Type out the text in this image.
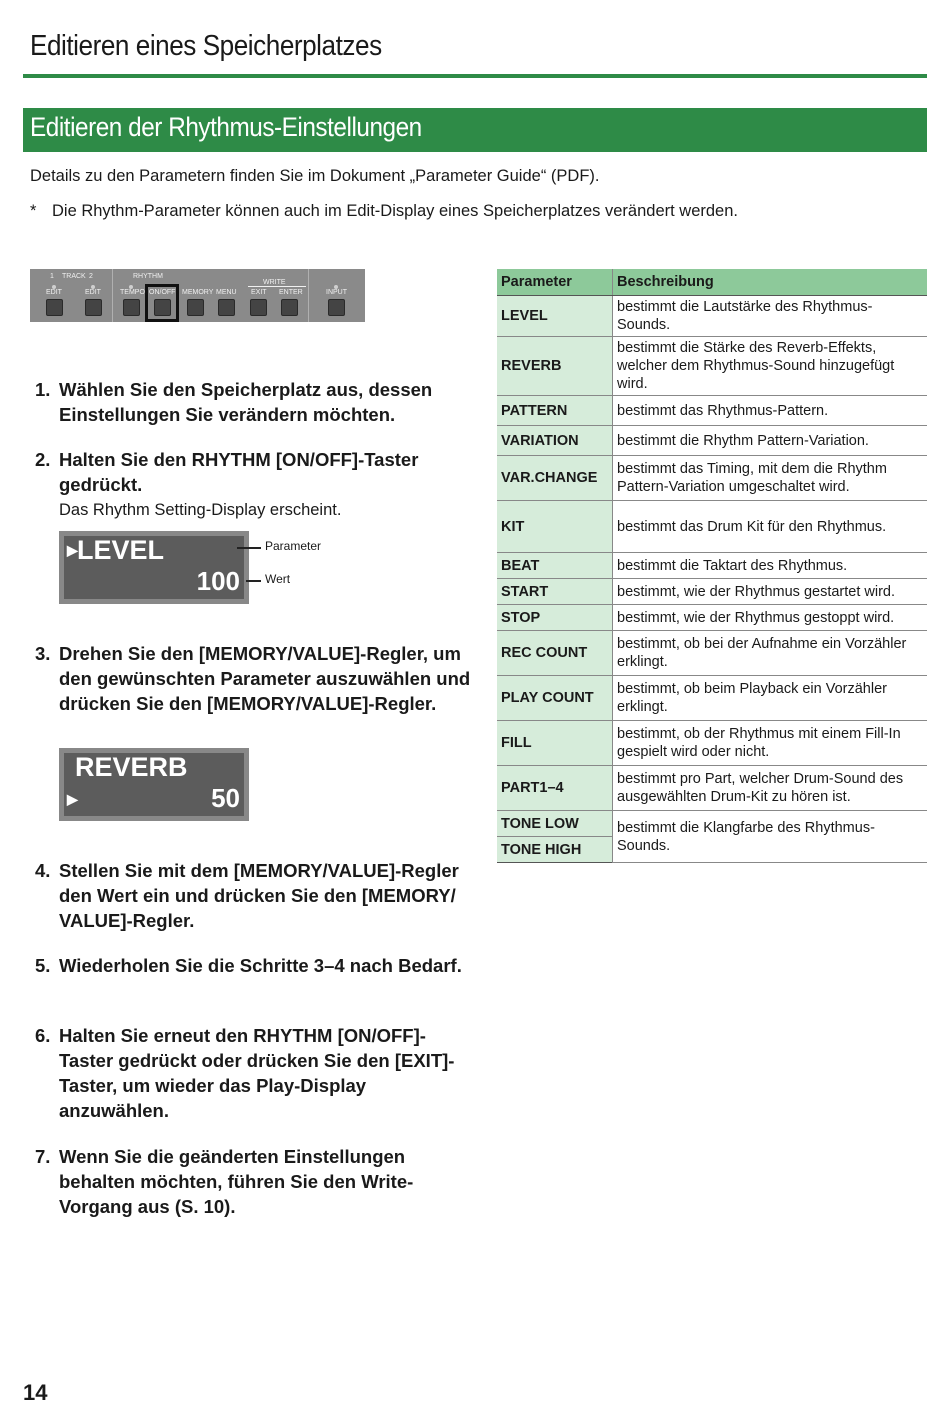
Editieren eines Speicherplatzes
Editieren der Rhythmus-Einstellungen
Details zu den Parametern finden Sie im Dokument „Parameter Guide“ (PDF).
* Die Rhythm-Parameter können auch im Edit-Display eines Speicherplatzes verändert werden.
1 TRACK 2	RHYTHM
WRITE
EDIT	EDIT	TEMPO ON/OFF MEMORY MENU EXIT ENTER	INPUT
1. Wählen Sie den Speicherplatz aus, dessen Einstellungen Sie verändern möchten.
2. Halten Sie den RHYTHM [ON/OFF]-Taster gedrückt.
Das Rhythm Setting-Display erscheint.
▶ LEVEL
100
Parameter
Wert
3. Drehen Sie den [MEMORY/VALUE]-Regler, um den gewünschten Parameter auszuwählen und drücken Sie den [MEMORY/VALUE]-Regler.
REVERB
▶	50
4. Stellen Sie mit dem [MEMORY/VALUE]-Regler den Wert ein und drücken Sie den [MEMORY/ VALUE]-Regler.
5. Wiederholen Sie die Schritte 3–4 nach Bedarf.
6. Halten Sie erneut den RHYTHM [ON/OFF]-Taster gedrückt oder drücken Sie den [EXIT]-Taster, um wieder das Play-Display anzuwählen.
7. Wenn Sie die geänderten Einstellungen behalten möchten, führen Sie den Write-Vorgang aus (S. 10).
Parameter	Beschreibung
LEVEL	bestimmt die Lautstärke des Rhythmus-Sounds.
REVERB	bestimmt die Stärke des Reverb-Effekts, welcher dem Rhythmus-Sound hinzugefügt wird.
PATTERN	bestimmt das Rhythmus-Pattern.
VARIATION	bestimmt die Rhythm Pattern-Variation.
VAR.CHANGE	bestimmt das Timing, mit dem die Rhythm Pattern-Variation umgeschaltet wird.
KIT	bestimmt das Drum Kit für den Rhythmus.
BEAT	bestimmt die Taktart des Rhythmus.
START	bestimmt, wie der Rhythmus gestartet wird.
STOP	bestimmt, wie der Rhythmus gestoppt wird.
REC COUNT	bestimmt, ob bei der Aufnahme ein Vorzähler erklingt.
PLAY COUNT	bestimmt, ob beim Playback ein Vorzähler erklingt.
FILL	bestimmt, ob der Rhythmus mit einem Fill-In gespielt wird oder nicht.
PART1–4	bestimmt pro Part, welcher Drum-Sound des ausgewählten Drum-Kit zu hören ist.
TONE LOW	bestimmt die Klangfarbe des Rhythmus-Sounds.
TONE HIGH	
14
